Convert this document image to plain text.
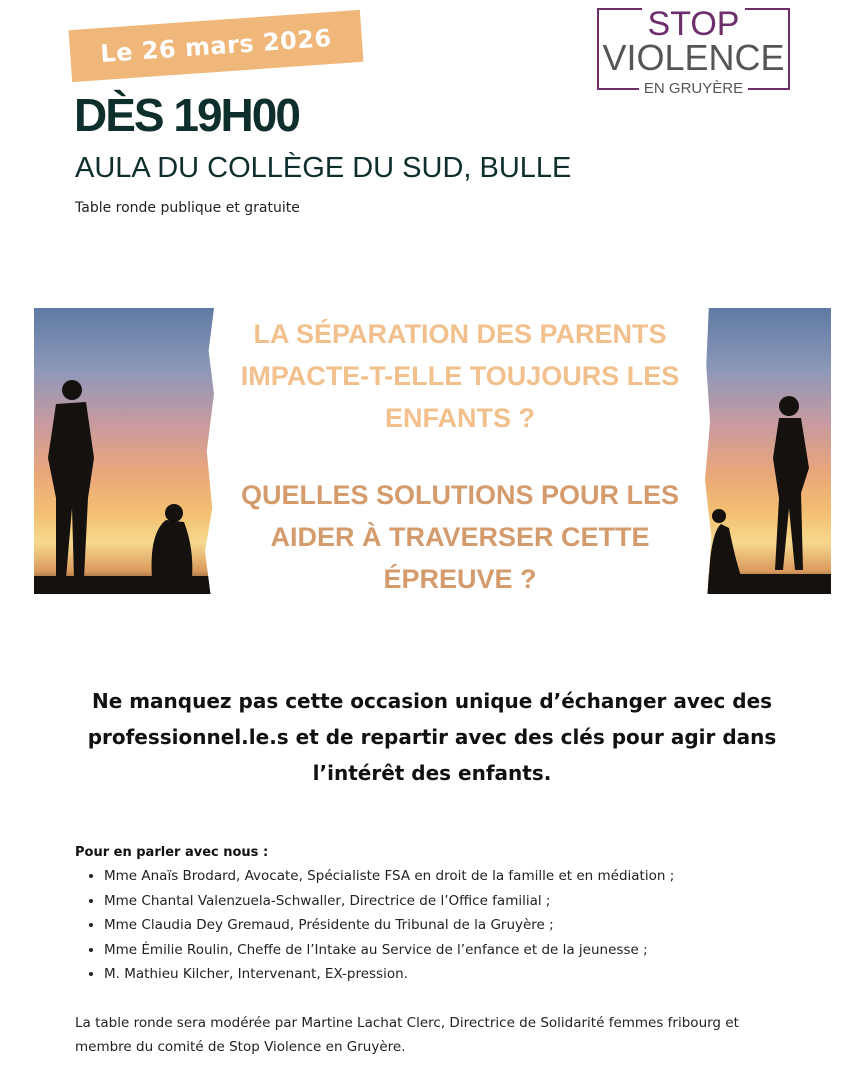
Le 26 mars 2026
DÈS 19H00
AULA DU COLLÈGE DU SUD, BULLE
Table ronde publique et gratuite
STOP
VIOLENCE
EN GRUYÈRE
LA SÉPARATION DES PARENTS IMPACTE-T-ELLE TOUJOURS LES ENFANTS ?
QUELLES SOLUTIONS POUR LES AIDER À TRAVERSER CETTE ÉPREUVE ?
Ne manquez pas cette occasion unique d’échanger avec des professionnel.le.s et de repartir avec des clés pour agir dans l’intérêt des enfants.
Pour en parler avec nous :
• Mme Anaïs Brodard, Avocate, Spécialiste FSA en droit de la famille et en médiation ;
• Mme Chantal Valenzuela-Schwaller, Directrice de l’Office familial ;
• Mme Claudia Dey Gremaud, Présidente du Tribunal de la Gruyère ;
• Mme Émilie Roulin, Cheffe de l’Intake au Service de l’enfance et de la jeunesse ;
• M. Mathieu Kilcher, Intervenant, EX-pression.
La table ronde sera modérée par Martine Lachat Clerc, Directrice de Solidarité femmes fribourg et membre du comité de Stop Violence en Gruyère.
